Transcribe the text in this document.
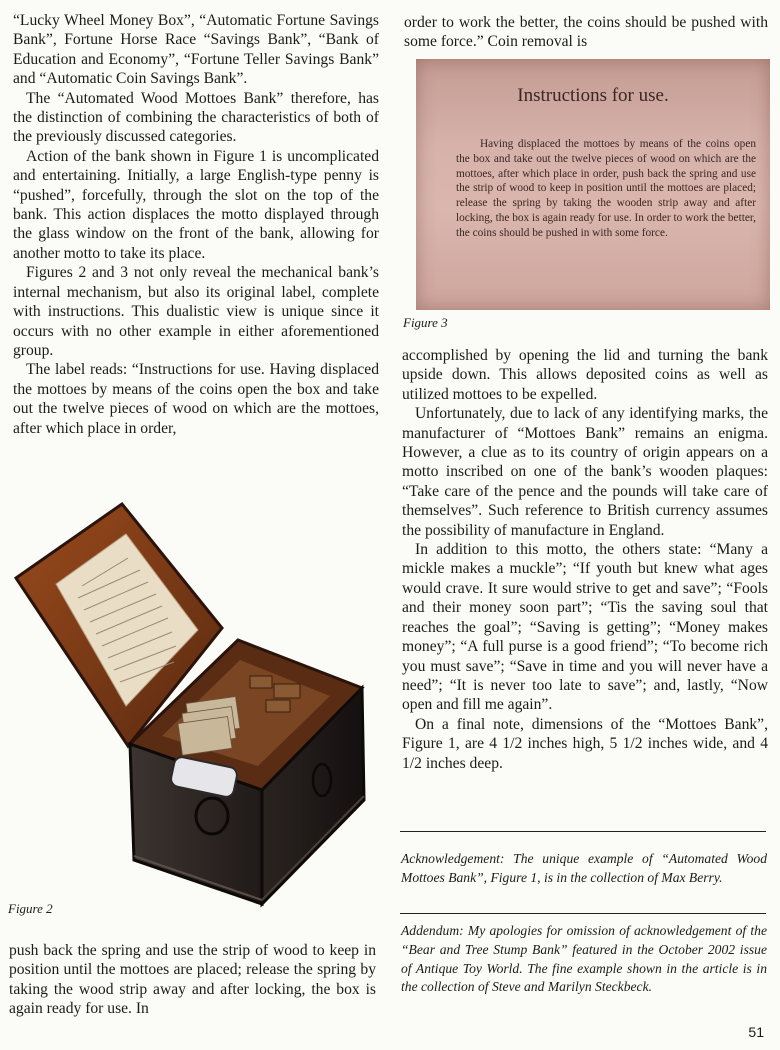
“Lucky Wheel Money Box”, “Automatic Fortune Savings Bank”, Fortune Horse Race “Savings Bank”, “Bank of Education and Economy”, “Fortune Teller Savings Bank” and “Automatic Coin Savings Bank”.

The “Automated Wood Mottoes Bank” therefore, has the distinction of combining the characteristics of both of the previously discussed categories.

Action of the bank shown in Figure 1 is uncomplicated and entertaining. Initially, a large English-type penny is “pushed”, forcefully, through the slot on the top of the bank. This action displaces the motto displayed through the glass window on the front of the bank, allowing for another motto to take its place.

Figures 2 and 3 not only reveal the mechanical bank’s internal mechanism, but also its original label, complete with instructions. This dualistic view is unique since it occurs with no other example in either aforementioned group.

The label reads: “Instructions for use. Having displaced the mottoes by means of the coins open the box and take out the twelve pieces of wood on which are the mottoes, after which place in order,

Figure 2

push back the spring and use the strip of wood to keep in position until the mottoes are placed; release the spring by taking the wood strip away and after locking, the box is again ready for use. In

order to work the better, the coins should be pushed with some force.” Coin removal is

Instructions for use.
Having displaced the mottoes by means of the coins open the box and take out the twelve pieces of wood on which are the mottoes, after which place in order, push back the spring and use the strip of wood to keep in position until the mottoes are placed; release the spring by taking the wooden strip away and after locking, the box is again ready for use. In order to work the better, the coins should be pushed in with some force.
Figure 3

accomplished by opening the lid and turning the bank upside down. This allows deposited coins as well as utilized mottoes to be expelled.

Unfortunately, due to lack of any identifying marks, the manufacturer of “Mottoes Bank” remains an enigma. However, a clue as to its country of origin appears on a motto inscribed on one of the bank’s wooden plaques: “Take care of the pence and the pounds will take care of themselves”. Such reference to British currency assumes the possibility of manufacture in England.

In addition to this motto, the others state: “Many a mickle makes a muckle”; “If youth but knew what ages would crave. It sure would strive to get and save”; “Fools and their money soon part”; “Tis the saving soul that reaches the goal”; “Saving is getting”; “Money makes money”; “A full purse is a good friend”; “To become rich you must save”; “Save in time and you will never have a need”; “It is never too late to save”; and, lastly, “Now open and fill me again”.

On a final note, dimensions of the “Mottoes Bank”, Figure 1, are 4 1/2 inches high, 5 1/2 inches wide, and 4 1/2 inches deep.

Acknowledgement: The unique example of “Automated Wood Mottoes Bank”, Figure 1, is in the collection of Max Berry.
Addendum: My apologies for omission of acknowledgement of the “Bear and Tree Stump Bank” featured in the October 2002 issue of Antique Toy World. The fine example shown in the article is in the collection of Steve and Marilyn Steckbeck.
51
